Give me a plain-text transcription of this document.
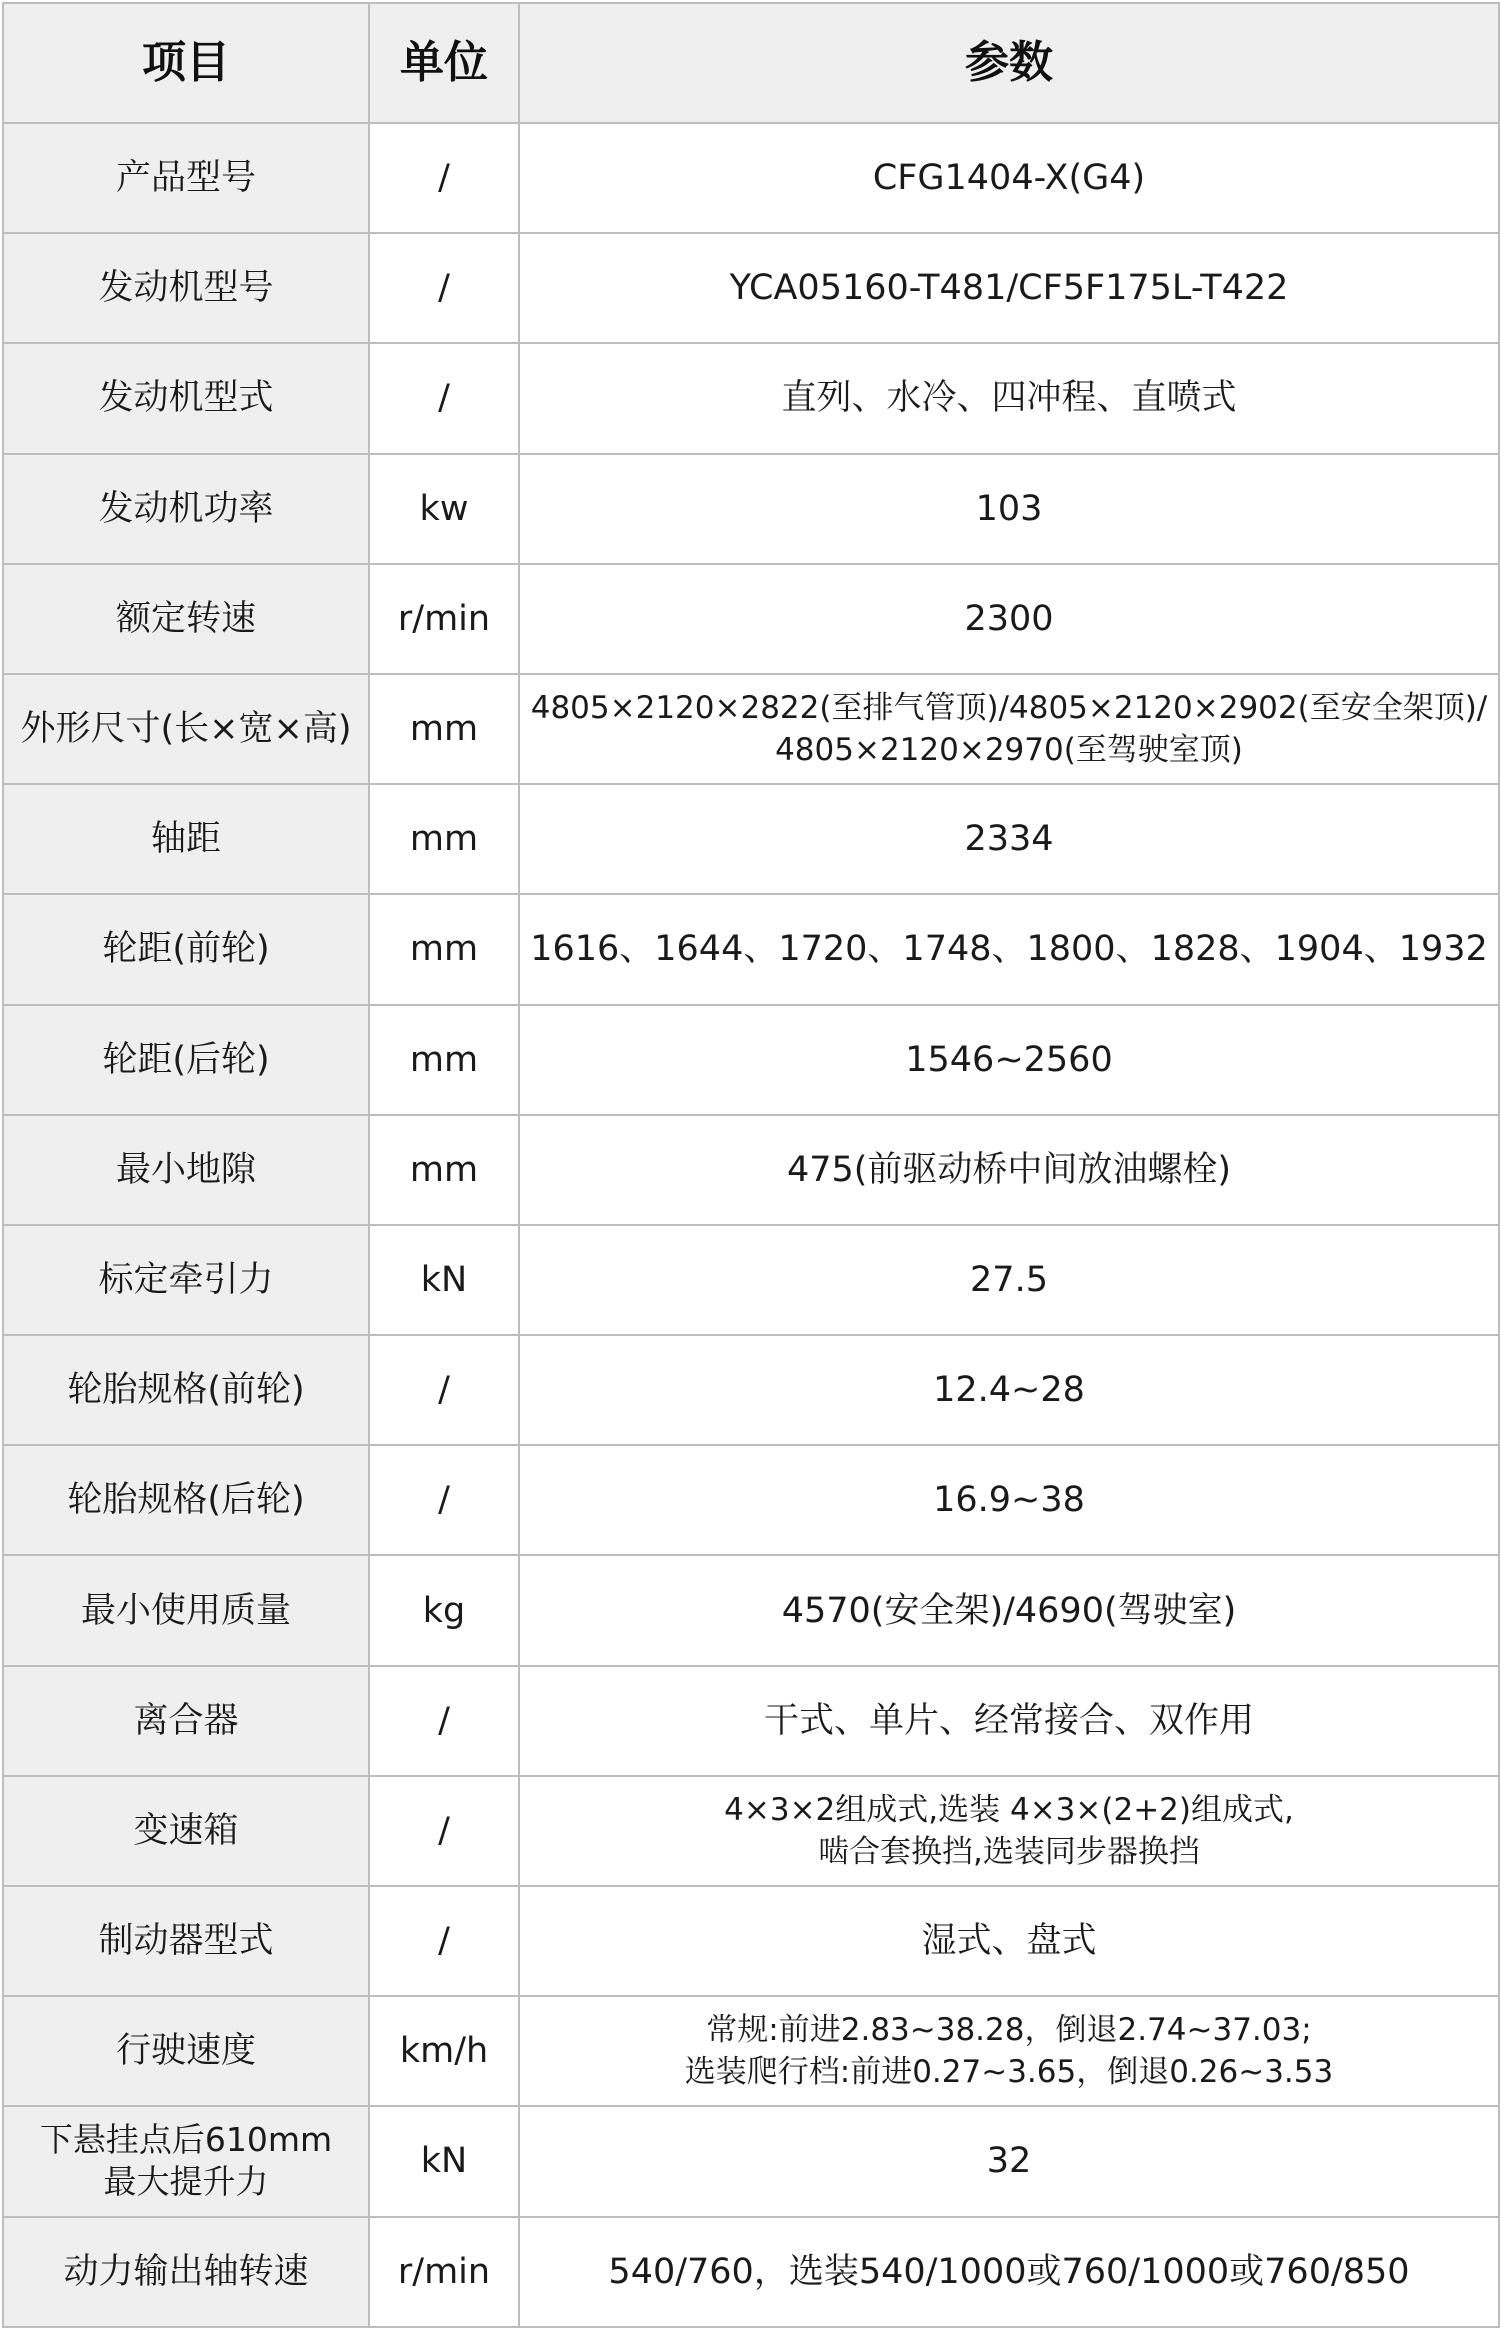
项目	单位	参数

产品型号	/	CFG1404-X(G4)

发动机型号	/	YCA05160-T481/CF5F175L-T422

发动机型式	/	直列、水冷、四冲程、直喷式

发动机功率	kw	103

额定转速	r/min	2300

外形尺寸(长×宽×高)	mm	4805×2120×2822(至排气管顶)/4805×2120×2902(至安全架顶)/
4805×2120×2970(至驾驶室顶)

轴距	mm	2334

轮距(前轮)	mm	1616、1644、1720、1748、1800、1828、1904、1932

轮距(后轮)	mm	1546~2560

最小地隙	mm	475(前驱动桥中间放油螺栓)

标定牵引力	kN	27.5

轮胎规格(前轮)	/	12.4~28

轮胎规格(后轮)	/	16.9~38

最小使用质量	kg	4570(安全架)/4690(驾驶室)

离合器	/	干式、单片、经常接合、双作用

变速箱	/	4×3×2组成式,选装 4×3×(2+2)组成式,
啮合套换挡,选装同步器换挡

制动器型式	/	湿式、盘式

行驶速度	km/h	常规:前进2.83~38.28，倒退2.74~37.03;
选装爬行档:前进0.27~3.65，倒退0.26~3.53

下悬挂点后610mm
最大提升力	kN	32

动力输出轴转速	r/min	540/760，选装540/1000或760/1000或760/850
